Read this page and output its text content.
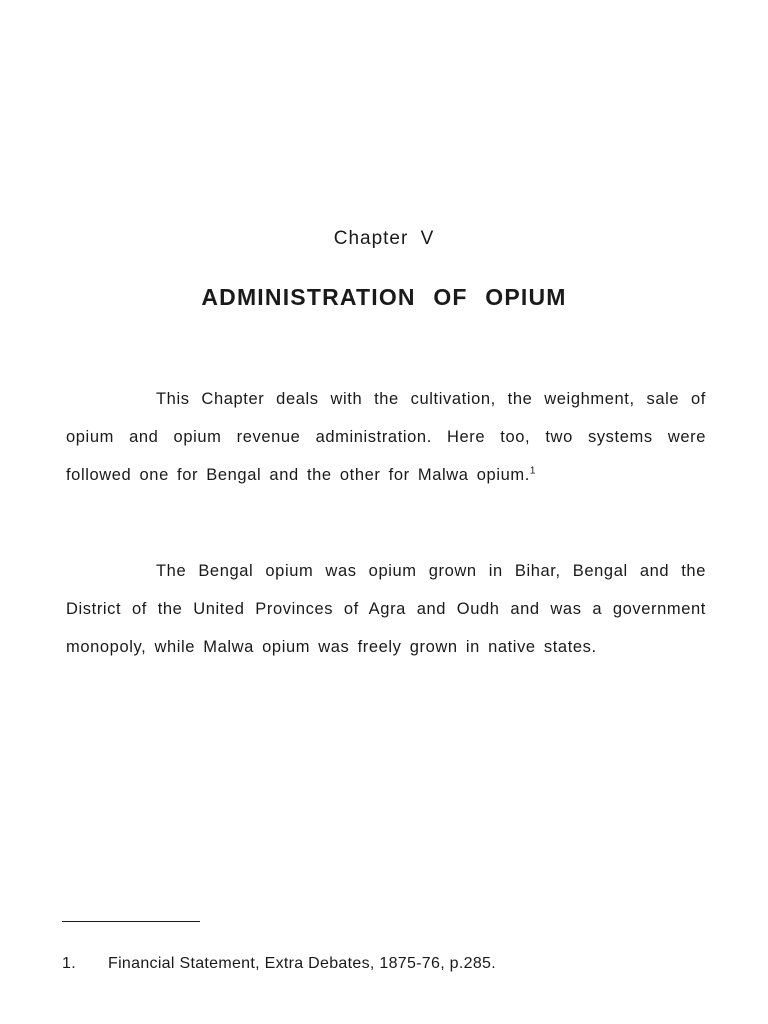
Chapter V
ADMINISTRATION OF OPIUM

This Chapter deals with the cultivation, the weighment, sale of opium and opium revenue administration. Here too, two systems were followed one for Bengal and the other for Malwa opium.$^1$

The Bengal opium was opium grown in Bihar, Bengal and the District of the United Provinces of Agra and Oudh and was a government monopoly, while Malwa opium was freely grown in native states.

1. Financial Statement, Extra Debates, 1875-76, p.285.
